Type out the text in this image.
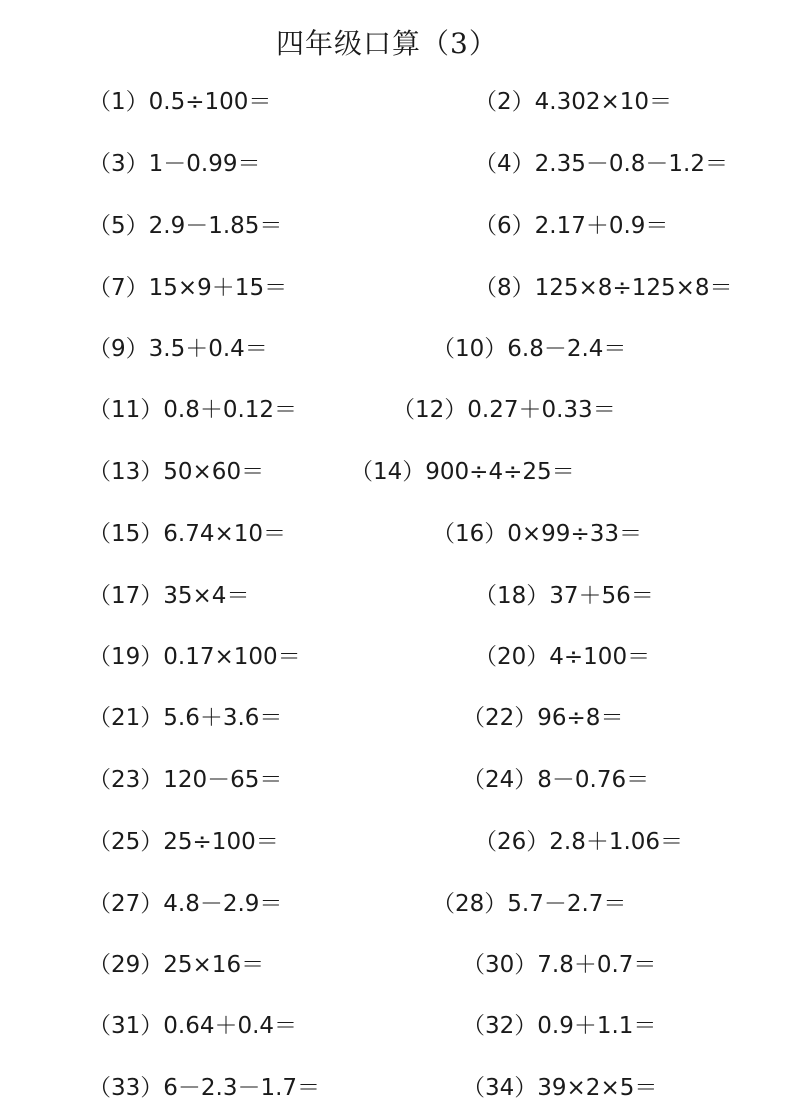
四年级口算（3）
（1）0.5÷100＝	（2）4.302×10＝
（3）1－0.99＝	（4）2.35－0.8－1.2＝
（5）2.9－1.85＝	（6）2.17＋0.9＝
（7）15×9＋15＝	（8）125×8÷125×8＝
（9）3.5＋0.4＝	（10）6.8－2.4＝
（11）0.8＋0.12＝	（12）0.27＋0.33＝
（13）50×60＝	（14）900÷4÷25＝
（15）6.74×10＝	（16）0×99÷33＝
（17）35×4＝	（18）37＋56＝
（19）0.17×100＝	（20）4÷100＝
（21）5.6＋3.6＝	（22）96÷8＝
（23）120－65＝	（24）8－0.76＝
（25）25÷100＝	（26）2.8＋1.06＝
（27）4.8－2.9＝	（28）5.7－2.7＝
（29）25×16＝	（30）7.8＋0.7＝
（31）0.64＋0.4＝	（32）0.9＋1.1＝
（33）6－2.3－1.7＝	（34）39×2×5＝
